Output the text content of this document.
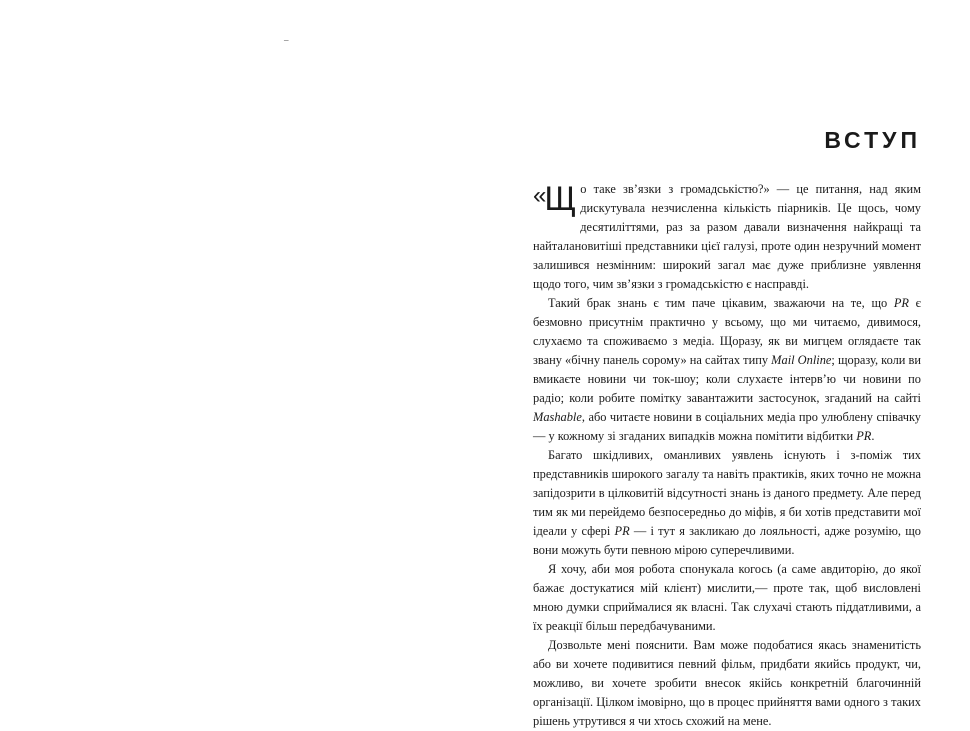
–
ВСТУП

« Щ о таке зв’язки з громадськістю?» — це питання, над яким дискутувала незчисленна кількість піарників. Це щось, чому десятиліттями, раз за разом давали визначення найкращі та найталановитіші представники цієї галузі, проте один незручний момент залишився незмінним: широкий загал має дуже приблизне уявлення щодо того, чим зв’язки з громадськістю є насправді.

Такий брак знань є тим паче цікавим, зважаючи на те, що PR є безмовно присутнім практично у всьому, що ми читаємо, дивимося, слухаємо та споживаємо з медіа. Щоразу, як ви мигцем оглядаєте так звану «бічну панель сорому» на сайтах типу Mail Online; щоразу, коли ви вмикаєте новини чи ток-шоу; коли слухаєте інтерв’ю чи новини по радіо; коли робите помітку завантажити застосунок, згаданий на сайті Mashable, або читаєте новини в соціальних медіа про улюблену співачку — у кожному зі згаданих випадків можна помітити відбитки PR.

Багато шкідливих, оманливих уявлень існують і з-поміж тих представників широкого загалу та навіть практиків, яких точно не можна запідозрити в цілковитій відсутності знань із даного предмету. Але перед тим як ми перейдемо безпосередньо до міфів, я би хотів представити мої ідеали у сфері PR — і тут я закликаю до лояльності, адже розумію, що вони можуть бути певною мірою суперечливими.

Я хочу, аби моя робота спонукала когось (а саме авдиторію, до якої бажає достукатися мій клієнт) мислити,— проте так, щоб висловлені мною думки сприймалися як власні. Так слухачі стають піддатливими, а їх реакції більш передбачуваними.

Дозвольте мені пояснити. Вам може подобатися якась знаменитість або ви хочете подивитися певний фільм, придбати якийсь продукт, чи, можливо, ви хочете зробити внесок якійсь конкретній благочинній організації. Цілком імовірно, що в процес прийняття вами одного з таких рішень утрутився я чи хтось схожий на мене.
